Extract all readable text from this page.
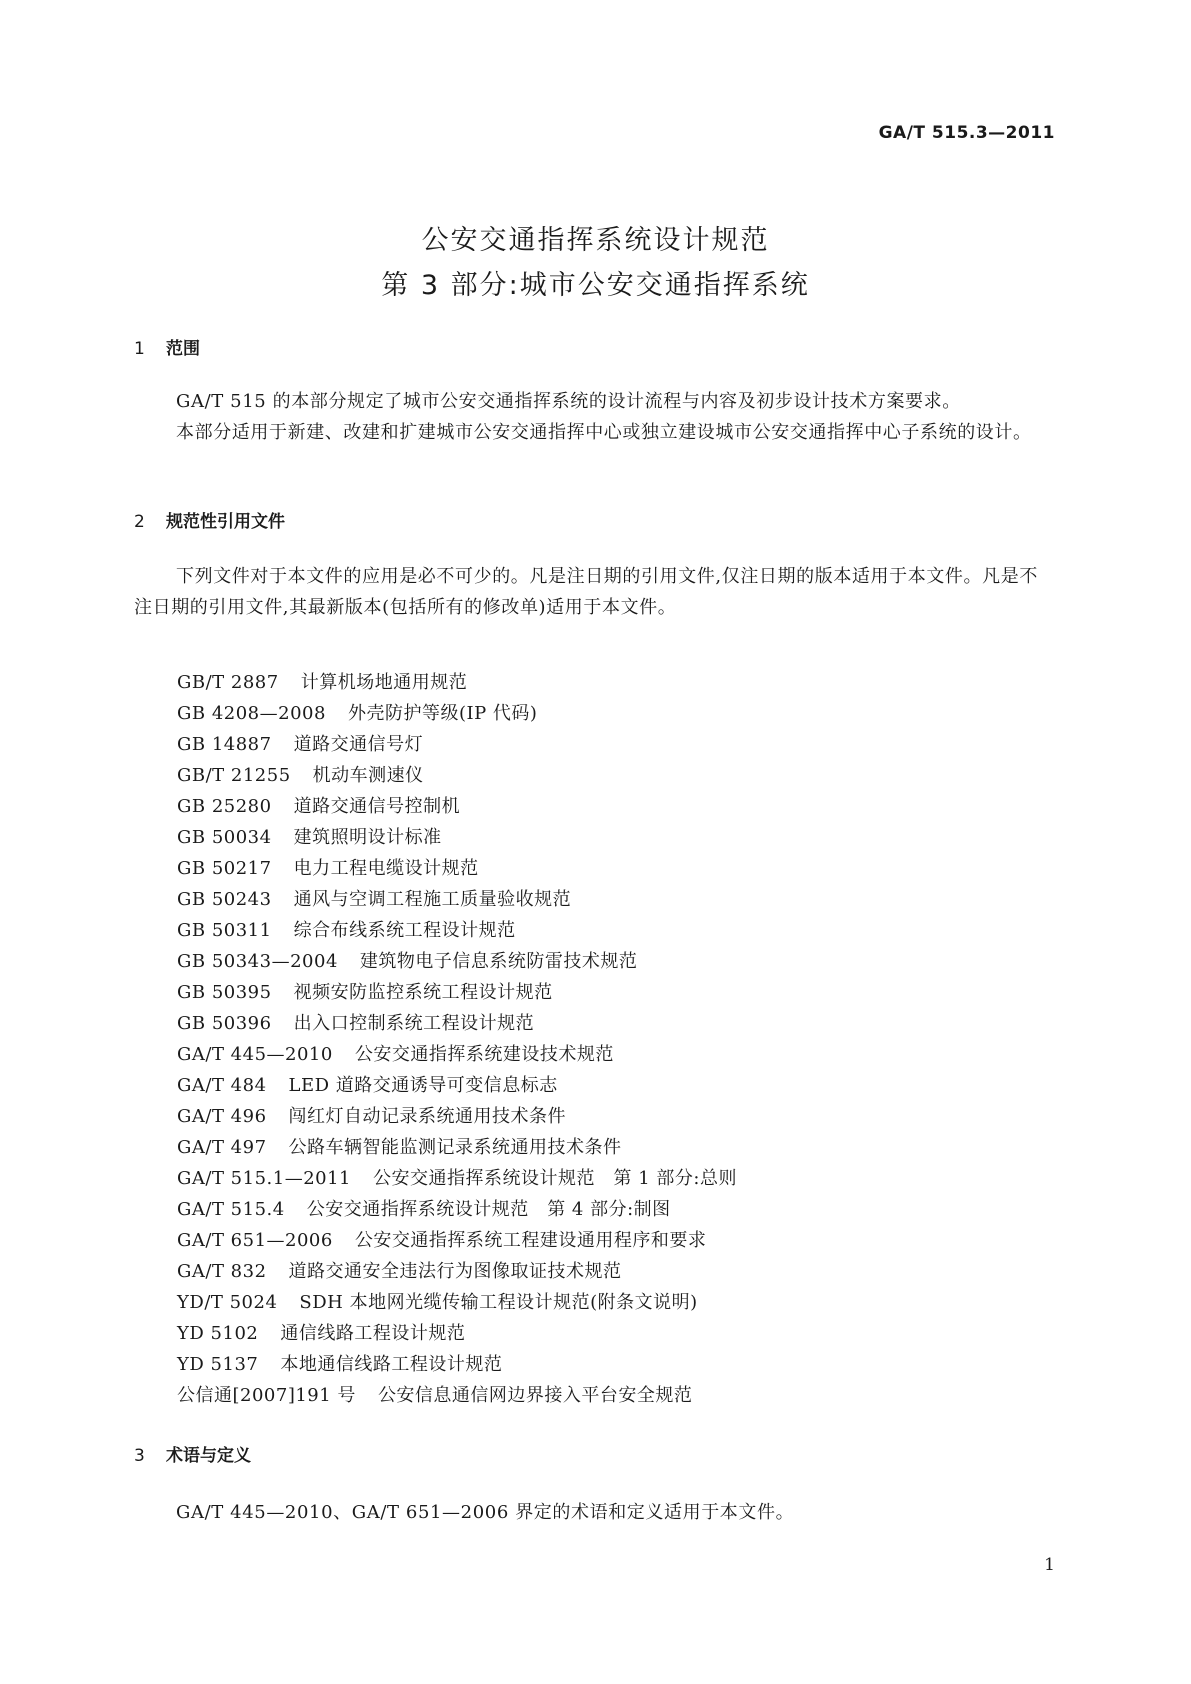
GA/T 515.3—2011
公安交通指挥系统设计规范
第 3 部分:城市公安交通指挥系统
1 范围
GA/T 515 的本部分规定了城市公安交通指挥系统的设计流程与内容及初步设计技术方案要求。
本部分适用于新建、改建和扩建城市公安交通指挥中心或独立建设城市公安交通指挥中心子系统的设计。
2 规范性引用文件
下列文件对于本文件的应用是必不可少的。凡是注日期的引用文件,仅注日期的版本适用于本文件。凡是不注日期的引用文件,其最新版本(包括所有的修改单)适用于本文件。
GB/T 2887 计算机场地通用规范
GB 4208—2008 外壳防护等级(IP 代码)
GB 14887 道路交通信号灯
GB/T 21255 机动车测速仪
GB 25280 道路交通信号控制机
GB 50034 建筑照明设计标准
GB 50217 电力工程电缆设计规范
GB 50243 通风与空调工程施工质量验收规范
GB 50311 综合布线系统工程设计规范
GB 50343—2004 建筑物电子信息系统防雷技术规范
GB 50395 视频安防监控系统工程设计规范
GB 50396 出入口控制系统工程设计规范
GA/T 445—2010 公安交通指挥系统建设技术规范
GA/T 484 LED 道路交通诱导可变信息标志
GA/T 496 闯红灯自动记录系统通用技术条件
GA/T 497 公路车辆智能监测记录系统通用技术条件
GA/T 515.1—2011 公安交通指挥系统设计规范　第 1 部分:总则
GA/T 515.4 公安交通指挥系统设计规范　第 4 部分:制图
GA/T 651—2006 公安交通指挥系统工程建设通用程序和要求
GA/T 832 道路交通安全违法行为图像取证技术规范
YD/T 5024 SDH 本地网光缆传输工程设计规范(附条文说明)
YD 5102 通信线路工程设计规范
YD 5137 本地通信线路工程设计规范
公信通[2007]191 号 公安信息通信网边界接入平台安全规范
3 术语与定义
GA/T 445—2010、GA/T 651—2006 界定的术语和定义适用于本文件。
1
